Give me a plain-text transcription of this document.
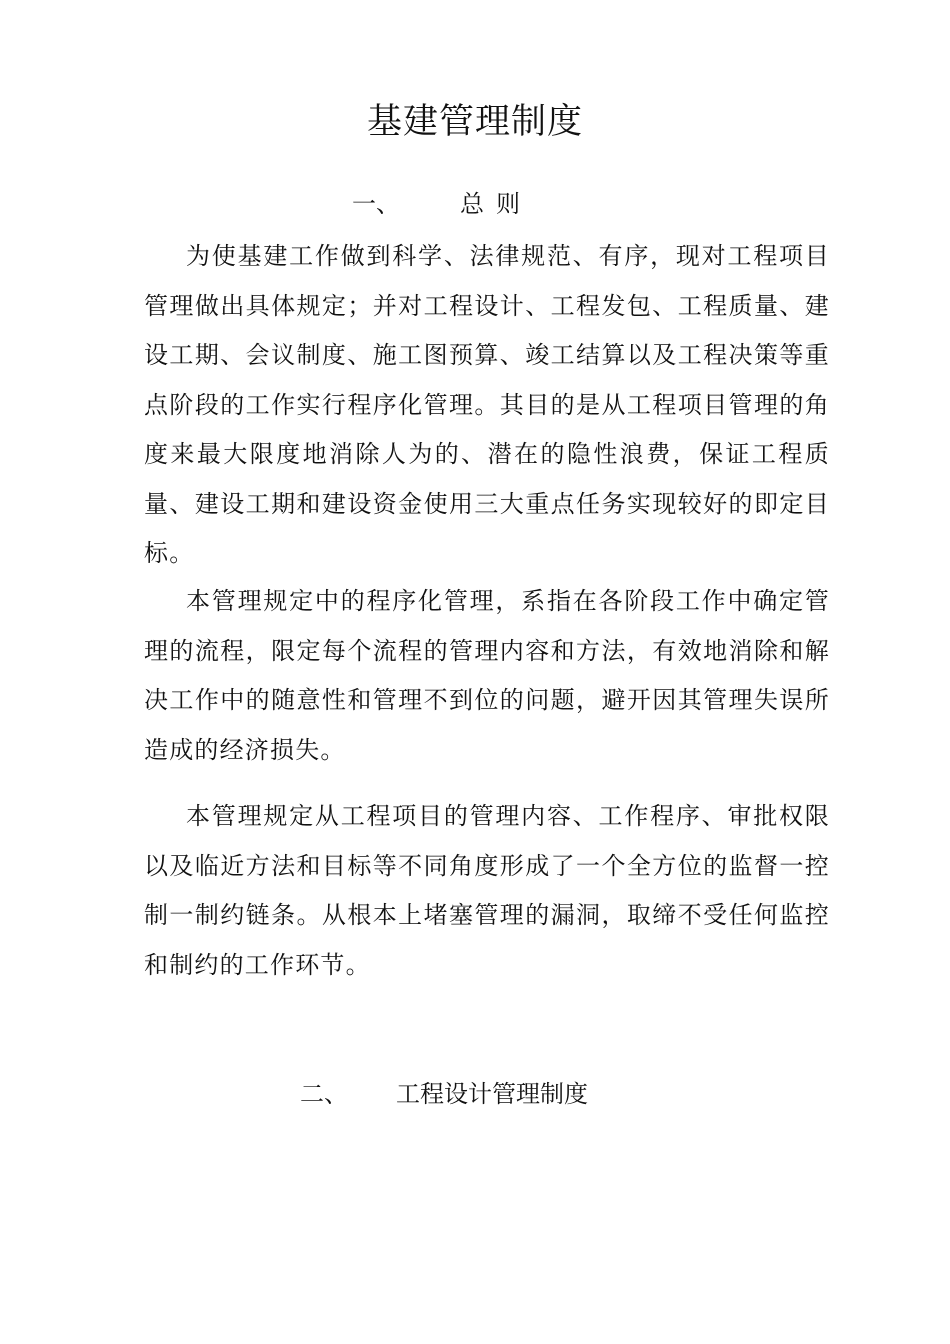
基建管理制度
一、	总则

为使基建工作做到科学、法律规范、有序，现对工程项目管理做出具体规定；并对工程设计、工程发包、工程质量、建设工期、会议制度、施工图预算、竣工结算以及工程决策等重点阶段的工作实行程序化管理。其目的是从工程项目管理的角度来最大限度地消除人为的、潜在的隐性浪费，保证工程质量、建设工期和建设资金使用三大重点任务实现较好的即定目标。

本管理规定中的程序化管理，系指在各阶段工作中确定管理的流程，限定每个流程的管理内容和方法，有效地消除和解决工作中的随意性和管理不到位的问题，避开因其管理失误所造成的经济损失。

本管理规定从工程项目的管理内容、工作程序、审批权限以及临近方法和目标等不同角度形成了一个全方位的监督一控制一制约链条。从根本上堵塞管理的漏洞，取缔不受任何监控和制约的工作环节。

二、 工程设计管理制度
